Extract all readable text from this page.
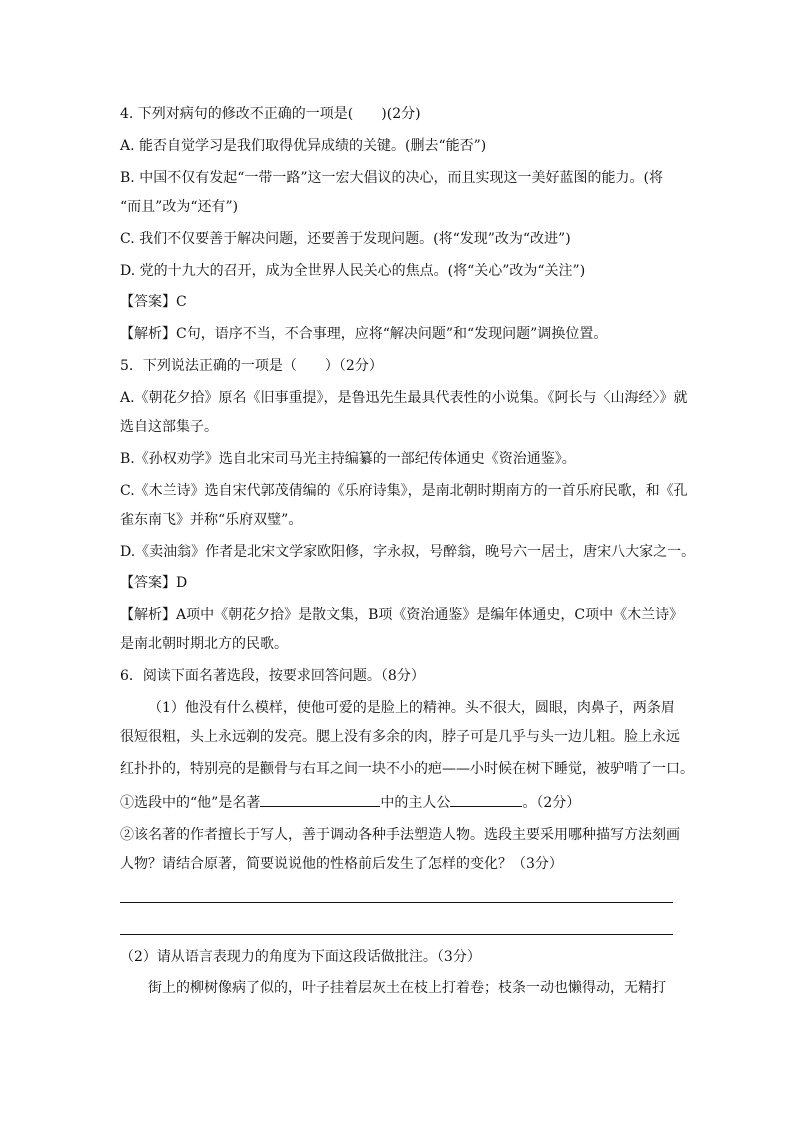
4. 下列对病句的修改不正确的一项是(　　)(2分)
A. 能否自觉学习是我们取得优异成绩的关键。(删去“能否”)
B. 中国不仅有发起“一带一路”这一宏大倡议的决心，而且实现这一美好蓝图的能力。(将
“而且”改为“还有”)
C. 我们不仅要善于解决问题，还要善于发现问题。(将“发现”改为“改进”)
D. 党的十九大的召开，成为全世界人民关心的焦点。(将“关心”改为“关注”)
【答案】C
【解析】C句，语序不当，不合事理，应将“解决问题”和“发现问题”调换位置。
5．下列说法正确的一项是（　　）（2分）
A.《朝花夕拾》原名《旧事重提》，是鲁迅先生最具代表性的小说集。《阿长与〈山海经〉》就
选自这部集子。
B.《孙权劝学》选自北宋司马光主持编纂的一部纪传体通史《资治通鉴》。
C.《木兰诗》选自宋代郭茂倩编的《乐府诗集》，是南北朝时期南方的一首乐府民歌，和《孔
雀东南飞》并称“乐府双璧”。
D.《卖油翁》作者是北宋文学家欧阳修，字永叔，号醉翁，晚号六一居士，唐宋八大家之一。
【答案】D
【解析】A项中《朝花夕拾》是散文集，B项《资治通鉴》是编年体通史，C项中《木兰诗》
是南北朝时期北方的民歌。
6．阅读下面名著选段，按要求回答问题。（8分）
（1）他没有什么模样，使他可爱的是脸上的精神。头不很大，圆眼，肉鼻子，两条眉
很短很粗，头上永远剃的发亮。腮上没有多余的肉，脖子可是几乎与头一边儿粗。脸上永远
红扑扑的，特别亮的是颧骨与右耳之间一块不小的疤——小时候在树下睡觉，被驴啃了一口。
①选段中的“他”是名著	中的主人公	。（2分）
②该名著的作者擅长于写人，善于调动各种手法塑造人物。选段主要采用哪种描写方法刻画
人物？请结合原著，简要说说他的性格前后发生了怎样的变化？（3分）
（2）请从语言表现力的角度为下面这段话做批注。（3分）
街上的柳树像病了似的，叶子挂着层灰土在枝上打着卷；枝条一动也懒得动，无精打
